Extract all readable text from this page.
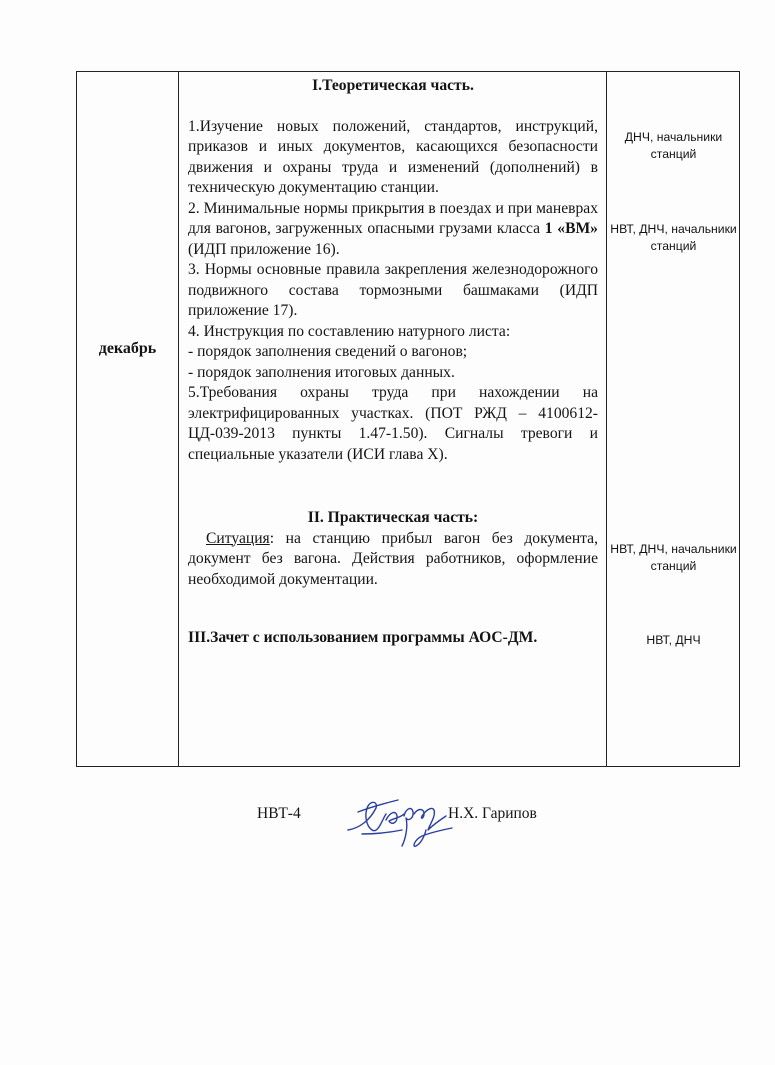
декабрь

I.Теоретическая часть.

1.Изучение новых положений, стандартов, инструкций, приказов и иных документов, касающихся безопасности движения и охраны труда и изменений (дополнений) в техническую документацию станции.

2. Минимальные нормы прикрытия в поездах и при маневрах для вагонов, загруженных опасными грузами класса 1 «ВМ» (ИДП приложение 16).

3. Нормы основные правила закрепления железнодорожного подвижного состава тормозными башмаками (ИДП приложение 17).

4. Инструкция по составлению натурного листа:

- порядок заполнения сведений о вагонов;

- порядок заполнения итоговых данных.

5.Требования охраны труда при нахождении на электрифицированных участках. (ПОТ РЖД – 4100612-ЦД-039-2013 пункты 1.47-1.50). Сигналы тревоги и специальные указатели (ИСИ глава Х).

II. Практическая часть:

Ситуация: на станцию прибыл вагон без документа, документ без вагона. Действия работников, оформление необходимой документации.

III.Зачет с использованием программы АОС-ДМ.

ДНЧ, начальники станций
НВТ, ДНЧ, начальники станций
НВТ, ДНЧ, начальники станций
НВТ, ДНЧ
НВТ-4	Н.Х. Гарипов
